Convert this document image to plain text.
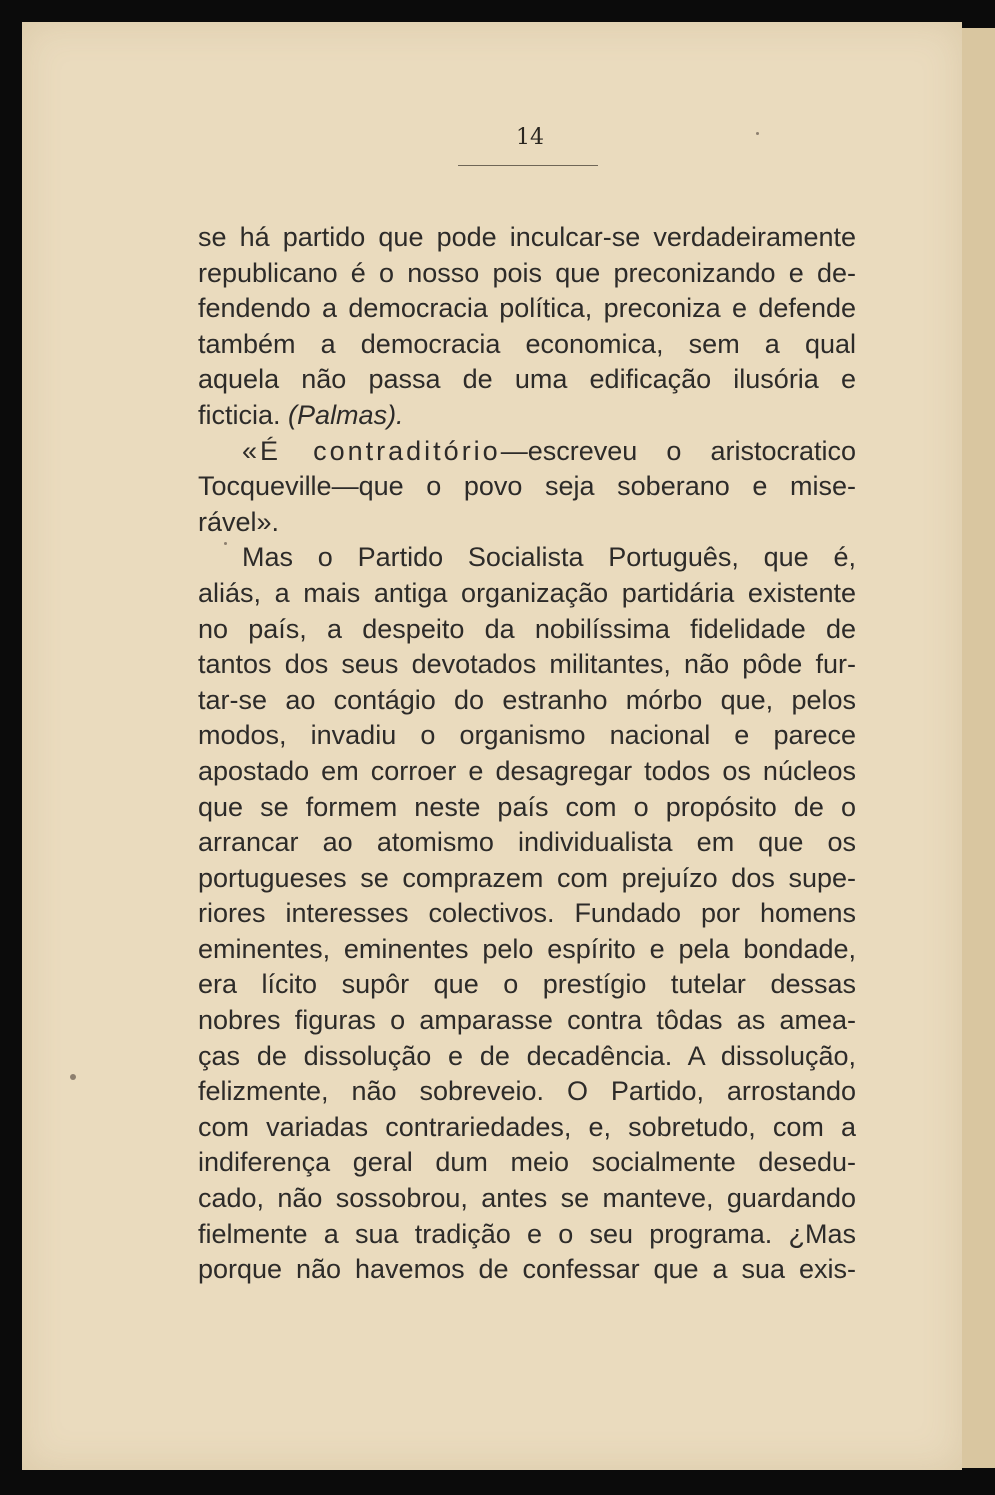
14
se há partido que pode inculcar-se verdadeiramente
republicano é o nosso pois que preconizando e de-
fendendo a democracia política, preconiza e defende
também a democracia economica, sem a qual
aquela não passa de uma edificação ilusória e
ficticia. (Palmas).
«É contraditório—escreveu o aristocratico
Tocqueville—que o povo seja soberano e mise-
rável».
Mas o Partido Socialista Português, que é,
aliás, a mais antiga organização partidária existente
no país, a despeito da nobilíssima fidelidade de
tantos dos seus devotados militantes, não pôde fur-
tar-se ao contágio do estranho mórbo que, pelos
modos, invadiu o organismo nacional e parece
apostado em corroer e desagregar todos os núcleos
que se formem neste país com o propósito de o
arrancar ao atomismo individualista em que os
portugueses se comprazem com prejuízo dos supe-
riores interesses colectivos. Fundado por homens
eminentes, eminentes pelo espírito e pela bondade,
era lícito supôr que o prestígio tutelar dessas
nobres figuras o amparasse contra tôdas as amea-
ças de dissolução e de decadência. A dissolução,
felizmente, não sobreveio. O Partido, arrostando
com variadas contrariedades, e, sobretudo, com a
indiferença geral dum meio socialmente desedu-
cado, não sossobrou, antes se manteve, guardando
fielmente a sua tradição e o seu programa. ¿Mas
porque não havemos de confessar que a sua exis-
